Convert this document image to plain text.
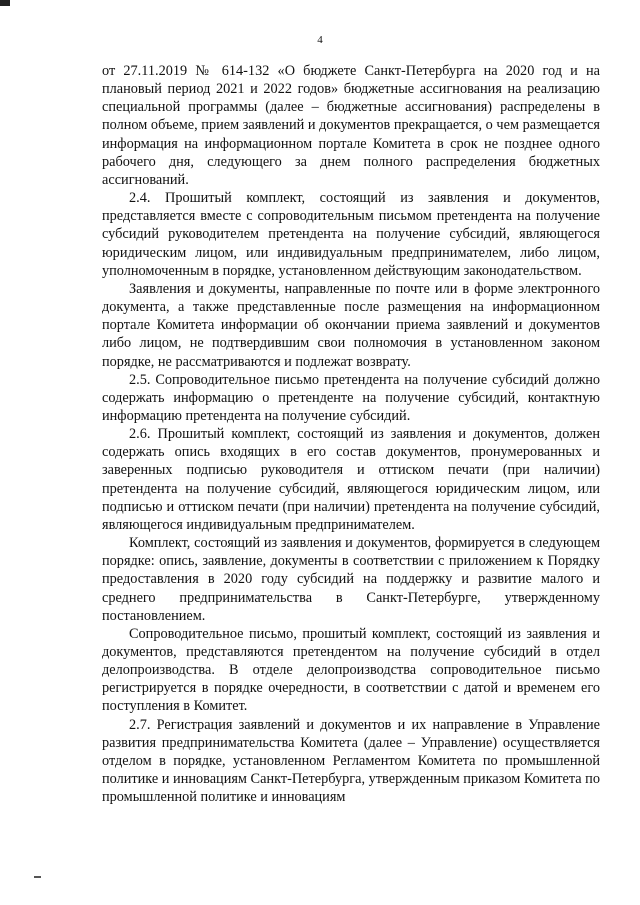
4

от 27.11.2019 № 614-132 «О бюджете Санкт-Петербурга на 2020 год и на плановый период 2021 и 2022 годов» бюджетные ассигнования на реализацию специальной программы (далее – бюджетные ассигнования) распределены в полном объеме, прием заявлений и документов прекращается, о чем размещается информация на информационном портале Комитета в срок не позднее одного рабочего дня, следующего за днем полного распределения бюджетных ассигнований.

2.4. Прошитый комплект, состоящий из заявления и документов, представляется вместе с сопроводительным письмом претендента на получение субсидий руководителем претендента на получение субсидий, являющегося юридическим лицом, или индивидуальным предпринимателем, либо лицом, уполномоченным в порядке, установленном действующим законодательством.

Заявления и документы, направленные по почте или в форме электронного документа, а также представленные после размещения на информационном портале Комитета информации об окончании приема заявлений и документов либо лицом, не подтвердившим свои полномочия в установленном законом порядке, не рассматриваются и подлежат возврату.

2.5. Сопроводительное письмо претендента на получение субсидий должно содержать информацию о претенденте на получение субсидий, контактную информацию претендента на получение субсидий.

2.6. Прошитый комплект, состоящий из заявления и документов, должен содержать опись входящих в его состав документов, пронумерованных и заверенных подписью руководителя и оттиском печати (при наличии) претендента на получение субсидий, являющегося юридическим лицом, или подписью и оттиском печати (при наличии) претендента на получение субсидий, являющегося индивидуальным предпринимателем.

Комплект, состоящий из заявления и документов, формируется в следующем порядке: опись, заявление, документы в соответствии с приложением к Порядку предоставления в 2020 году субсидий на поддержку и развитие малого и среднего предпринимательства в Санкт-Петербурге, утвержденному постановлением.

Сопроводительное письмо, прошитый комплект, состоящий из заявления и документов, представляются претендентом на получение субсидий в отдел делопроизводства. В отделе делопроизводства сопроводительное письмо регистрируется в порядке очередности, в соответствии с датой и временем его поступления в Комитет.

2.7. Регистрация заявлений и документов и их направление в Управление развития предпринимательства Комитета (далее – Управление) осуществляется отделом в порядке, установленном Регламентом Комитета по промышленной политике и инновациям Санкт-Петербурга, утвержденным приказом Комитета по промышленной политике и инновациям
